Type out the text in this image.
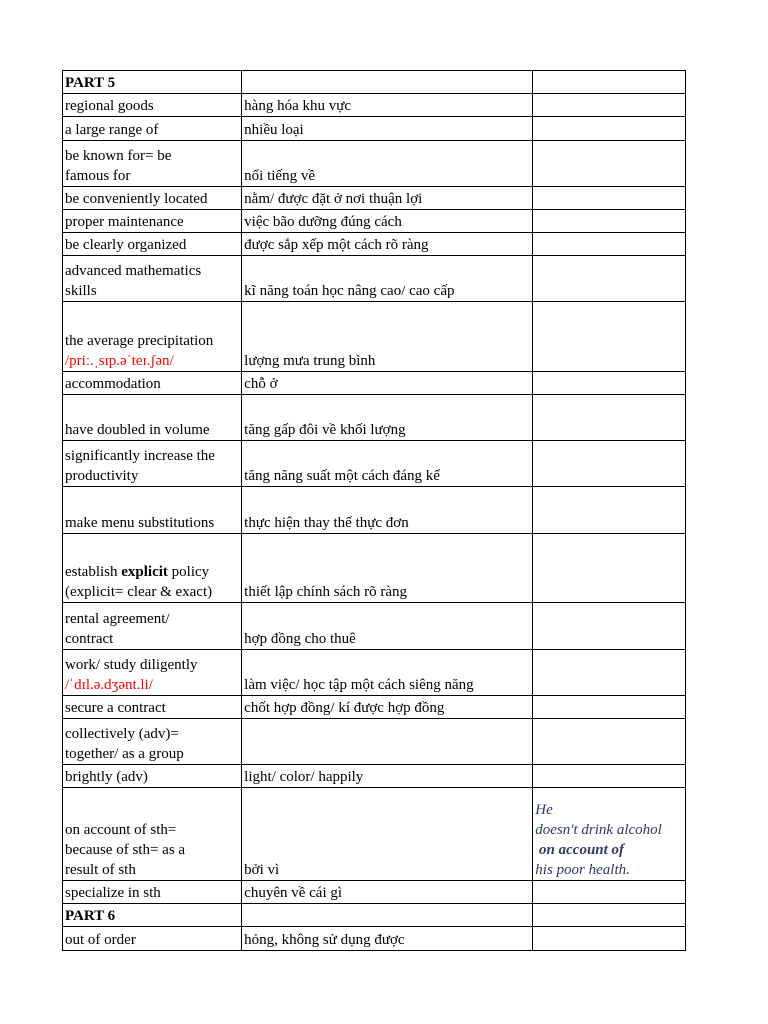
PART 5		
regional goods	hàng hóa khu vực	
a large range of	nhiều loại	
be known for= be
famous for	nổi tiếng về	
be conveniently located	nằm/ được đặt ở nơi thuận lợi	
proper maintenance	việc bão dưỡng đúng cách	
be clearly organized	được sắp xếp một cách rõ ràng	
advanced mathematics
skills	kĩ năng toán học nâng cao/ cao cấp	
the average precipitation
/priː.ˌsɪp.əˈteɪ.ʃən/	lượng mưa trung bình	
accommodation	chỗ ở	
have doubled in volume	tăng gấp đôi về khối lượng	
significantly increase the
productivity	tăng năng suất một cách đáng kể	
make menu substitutions	thực hiện thay thế thực đơn	
establish explicit policy
(explicit= clear & exact)	thiết lập chính sách rõ ràng	
rental agreement/
contract	hợp đồng cho thuê	
work/ study diligently
/ˈdɪl.ə.dʒənt.li/	làm việc/ học tập một cách siêng năng	
secure a contract	chốt hợp đồng/ kí được hợp đồng	
collectively (adv)=
together/ as a group		
brightly (adv)	light/ color/ happily	
on account of sth=
because of sth= as a
result of sth	bởi vì	He
doesn't drink alcohol
on account of
his poor health.
specialize in sth	chuyên về cái gì	
PART 6		
out of order	hỏng, không sử dụng được	
